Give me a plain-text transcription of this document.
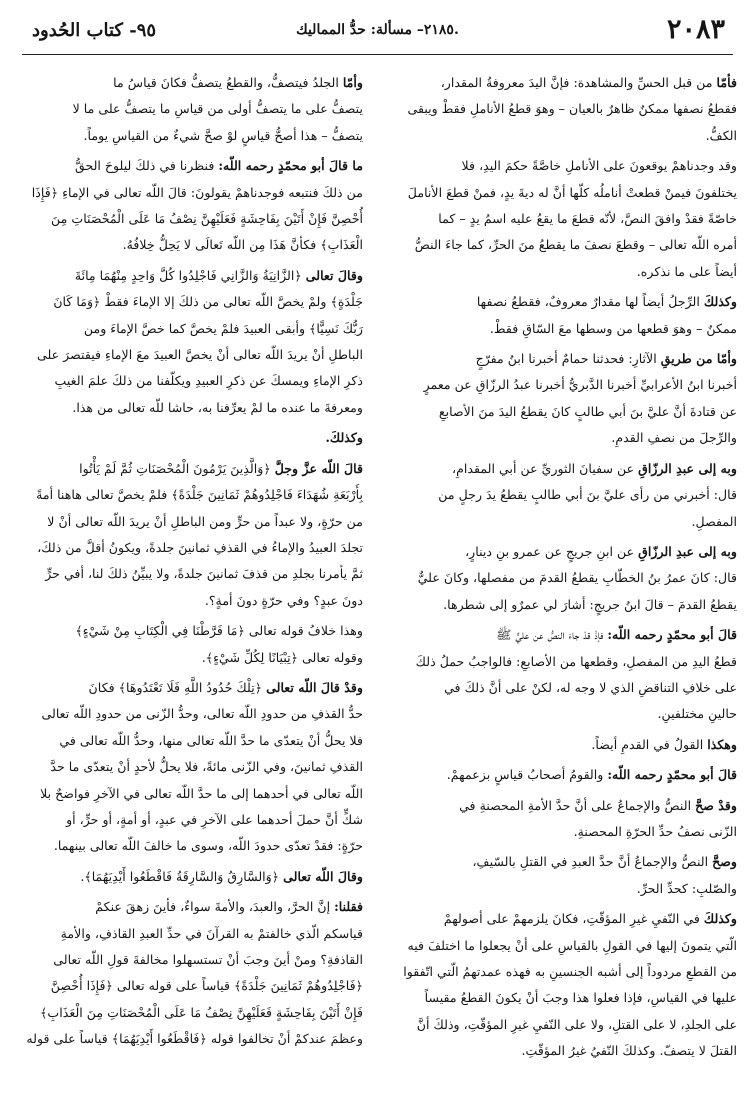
٢٠٨٣
٢١٨٥– مسألة: حدُّ المماليك.
٩٥- كتاب الحُدود
فأمّا من قبل الحسِّ والمشاهدة: فإنَّ اليدَ معروفةُ المقدار،
فقطعُ نصفها ممكنٌ ظاهرٌ بالعيان – وهوَ قطعُ الأناملِ فقطْ ويبقى
الكفُّ.
وقد وجدناهمْ يوقعونَ على الأناملِ خاصَّةً حكمَ اليدِ، فلا
يختلفونَ فيمنْ قطعتْ أناملُه كلّها أنَّ له ديةَ يدٍ، فمنْ قطعَ الأناملَ
خاصّةً فقدْ وافقَ النصَّ، لأنّه قطعَ ما يقعُ عليه اسمُ يدٍ – كما
أمره اللّه تعالى – وقطعَ نصفَ ما يقطعُ منَ الحرِّ، كما جاءَ النصُّ
أيضاً على ما نذكره.
وكذلكَ الرِّجلُ أيضاً لها مقدارٌ معروفٌ، فقطعُ نصفها
ممكنٌ – وهوَ قطعها من وسطها معَ السّاقِ فقطْ.
وأمّا من طريقِ الآثارِ: فحدثنا حمامٌ أخبرنا ابنُ مفرّجٍ
أخبرنا ابنُ الأعرابيِّ أخبرنا الدَّبريُّ أخبرنا عبدُ الرزّاقِ عن معمرٍ
عن قتادةَ أنَّ عليَّ بنَ أبي طالبٍ كانَ يقطعُ اليدَ منَ الأصابعِ
والرِّجلَ من نصفِ القدمِ.
وبه إلى عبدِ الرزّاقِ عن سفيانَ الثوريِّ عن أبي المقدامِ،
قال: أخبرني من رأى عليَّ بنَ أبي طالبٍ يقطعُ يدَ رجلٍ من
المفصلِ.
وبه إلى عبدِ الرزّاقِ عن ابنِ جريجٍ عن عمرو بنِ دينارٍ،
قال: كانَ عمرُ بنُ الخطّابِ يقطعُ القدمَ من مفصلها، وكانَ عليٌّ
يقطعُ القدمَ – قالَ ابنُ جريجٍ: أشارَ لي عمرٌو إلى شطرها.
قالَ أبو محمّدٍ رحمه اللّه: فإذْ قدْ جاءَ النصُّ عن عليٍّ ﷺ
قطعُ اليدِ من المفصلِ، وقطعها من الأصابعِ: فالواجبُ حملُ ذلكَ
على خلافِ التناقضِ الذي لا وجه له، لكنْ على أنَّ ذلكَ في
حالينِ مختلفينِ.
وهكذا القولُ في القدمِ أيضاً.
قالَ أبو محمّدٍ رحمه اللّه: والقومُ أصحابُ قياسٍ بزعمهمْ.
وقدْ صحَّ النصُّ والإجماعُ على أنَّ حدَّ الأمةِ المحصنةِ في
الزّنى نصفُ حدِّ الحرّةِ المحصنةِ.
وصحَّ النصُّ والإجماعُ أنَّ حدَّ العبدِ في القتلِ بالسّيفِ،
والصّلبِ: كحدِّ الحرِّ.
وكذلكَ في النّفيِ غيرِ المؤقّتِ، فكانَ يلزمهمْ على أصولهمْ
الّتي يتمونَ إليها في القولِ بالقياسِ على أنْ يجعلوا ما اختلفَ فيه
من القطعِ مردوداً إلى أشبه الجنسينِ به فهذه عمدتهمُ الّتي اتّفقوا
عليها في القياسِ، فإذا فعلوا هذا وجبَ أنْ يكونَ القطعُ مقيساً
على الجلدِ، لا على القتلِ، ولا على النّفيِ غيرِ المؤقّتِ، وذلكَ أنَّ
القتلَ لا يتصفّ. وكذلكَ النّفيُ غيرُ المؤقّتِ.
وأمّا الجلدُ فيتصفُّ، والقطعُ يتصفُّ فكانَ قياسُ ما
يتصفُّ على ما يتصفُّ أولى من قياسِ ما يتصفُّ على ما لا
يتصفُّ – هذا أصحُّ قياسٍ لوْ صحَّ شيءٌ من القياسِ يوماً.
ما قالَ أبو محمّدٍ رحمه اللّه: فنظرنا في ذلكَ ليلوحَ الحقُّ
من ذلكَ فنتبعه فوجدناهمْ يقولونَ: قالَ اللّه تعالى في الإماءِ ﴿فَإِذَا
أُحْصِنَّ فَإِنْ أَتَيْنَ بِفَاحِشَةٍ فَعَلَيْهِنَّ نِصْفُ مَا عَلَى الْمُحْصَنَاتِ مِنَ
الْعَذَابِ﴾ فكأنَّ هَذَا مِن اللّه تَعالَى لا يَحِلُّ خِلافُهُ.
وقالَ تعالى ﴿الزَّانِيَةُ وَالزَّانِي فَاجْلِدُوا كُلَّ وَاحِدٍ مِنْهُمَا مِائَةَ
جَلْدَةٍ﴾ ولمْ يخصَّ اللّه تعالى من ذلكَ إلا الإماءَ فقطْ ﴿وَمَا كَانَ
رَبُّكَ نَسِيًّا﴾ وأبقى العبيدَ فلمْ يخصَّ كما خصَّ الإماءَ ومن
الباطلِ أنْ يريدَ اللّه تعالى أنْ يخصَّ العبيدَ معَ الإماءِ فيقتصرَ على
ذكرِ الإماءِ ويمسكَ عن ذكرِ العبيدِ ويكلّفنا من ذلكَ علمَ الغيبِ
ومعرفةَ ما عنده ما لمْ يعرِّفنا به، حاشا للّه تعالى من هذا.
وكذلكَ.
قالَ اللّه عزَّ وجلَّ ﴿وَالَّذِينَ يَرْمُونَ الْمُحْصَنَاتِ ثُمَّ لَمْ يَأْتُوا
بِأَرْبَعَةِ شُهَدَاءَ فَاجْلِدُوهُمْ ثَمَانِينَ جَلْدَةً﴾ فلمْ يخصَّ تعالى هاهنا أمةً
من حرّةٍ، ولا عبداً من حرٍّ ومن الباطلِ أنْ يريدَ اللّه تعالى أنْ لا
تجلدَ العبيدُ والإماءُ في القذفِ ثمانينَ جلدةً، ويكونُ أقلَّ من ذلكَ،
ثمَّ يأمرنا بجلدِ من قذفَ ثمانينَ جلدةً، ولا يبيِّنُ ذلكَ لنا، أفي حرٍّ
دونَ عبدٍ؟ وفي حرّةٍ دونَ أمةٍ؟.
وهذا خلافُ قوله تعالى ﴿مَا فَرَّطْنَا فِي الْكِتَابِ مِنْ شَيْءٍ﴾
وقوله تعالى ﴿تِبْيَانًا لِكُلِّ شَيْءٍ﴾.
وقدْ قالَ اللّه تعالى ﴿تِلْكَ حُدُودُ اللَّهِ فَلَا تَعْتَدُوهَا﴾ فكانَ
حدُّ القذفِ من حدودِ اللّه تعالى، وحدُّ الزّنى من حدودِ اللّه تعالى
فلا يحلُّ أنْ يتعدّى ما حدَّ اللّه تعالى منها، وحدُّ اللّه تعالى في
القذفِ ثمانينَ، وفي الزّنى مائةً، فلا يحلُّ لأحدٍ أنْ يتعدّى ما حدَّ
اللّه تعالى في أحدهما إلى ما حدَّ اللّه تعالى في الآخرِ فواضحٌ بلا
شكٍّ أنَّ حملَ أحدهما على الآخرِ في عبدٍ، أو أمةٍ، أو حرٍّ، أو
حرّةٍ: فقدْ تعدّى حدودَ اللّه، وسوى ما خالفَ اللّه تعالى بينهما.
وقالَ اللّه تعالى ﴿وَالسَّارِقُ وَالسَّارِقَةُ فَاقْطَعُوا أَيْدِيَهُمَا﴾.
فقلنا: إنَّ الحرَّ، والعبدَ، والأمةَ سواءٌ، فأينَ زهقَ عنكمْ
قياسكم الّذي خالفتمْ به القرآنَ في حدِّ العبدِ القاذفِ، والأمةِ
القاذفةِ؟ ومنْ أينَ وجبَ أنْ تستسهلوا مخالفةَ قولِ اللّه تعالى
﴿فَاجْلِدُوهُمْ ثَمَانِينَ جَلْدَةً﴾ قياساً على قوله تعالى ﴿فَإِذَا أُحْصِنَّ
فَإِنْ أَتَيْنَ بِفَاحِشَةٍ فَعَلَيْهِنَّ نِصْفُ مَا عَلَى الْمُحْصَنَاتِ مِنَ الْعَذَابِ﴾
وعظمَ عندكمْ أنْ تخالفوا قوله ﴿فَاقْطَعُوا أَيْدِيَهُمَا﴾ قياساً على قوله
